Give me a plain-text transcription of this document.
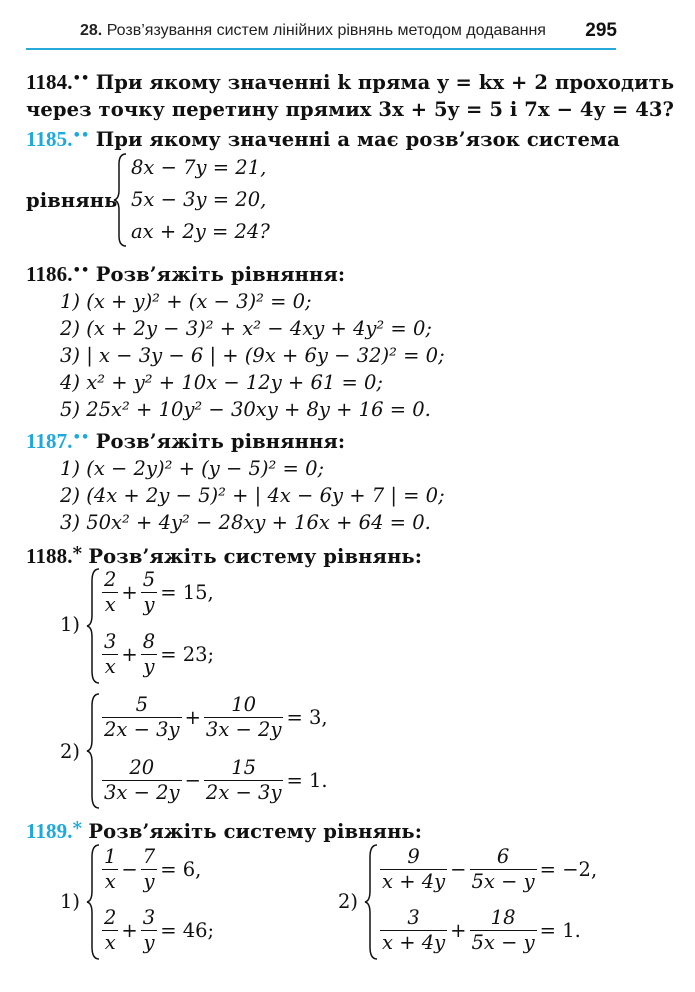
28. Розв’язування систем лінійних рівнянь методом додавання 295
1184.•• При якому значенні k пряма y = kx + 2 проходить
через точку перетину прямих 3x + 5y = 5 і 7x − 4y = 43?
1185.•• При якому значенні a має розв’язок система
рівнянь
8x − 7y = 21,
5x − 3y = 20,
ax + 2y = 24?
1186.•• Розв’яжіть рівняння:
1) (x + y)² + (x − 3)² = 0;
2) (x + 2y − 3)² + x² − 4xy + 4y² = 0;
3) | x − 3y − 6 | + (9x + 6y − 32)² = 0;
4) x² + y² + 10x − 12y + 61 = 0;
5) 25x² + 10y² − 30xy + 8y + 16 = 0.
1187.•• Розв’яжіть рівняння:
1) (x − 2y)² + (y − 5)² = 0;
2) (4x + 2y − 5)² + | 4x − 6y + 7 | = 0;
3) 50x² + 4y² − 28xy + 16x + 64 = 0.
1188.* Розв’яжіть систему рівнянь:
1)
$\frac{2}{x} + \frac{5}{y} = 15$,
$\frac{3}{x} + \frac{8}{y} = 23$;
2)
$\frac{5}{2x - 3y} + \frac{10}{3x - 2y} = 3$,
$\frac{20}{3x - 2y} - \frac{15}{2x - 3y} = 1$.
1189.* Розв’яжіть систему рівнянь:
1)
$\frac{1}{x} - \frac{7}{y} = 6$,
$\frac{2}{x} + \frac{3}{y} = 46$;
2)
$\frac{9}{x + 4y} - \frac{6}{5x - y} = -2$,
$\frac{3}{x + 4y} + \frac{18}{5x - y} = 1$.
